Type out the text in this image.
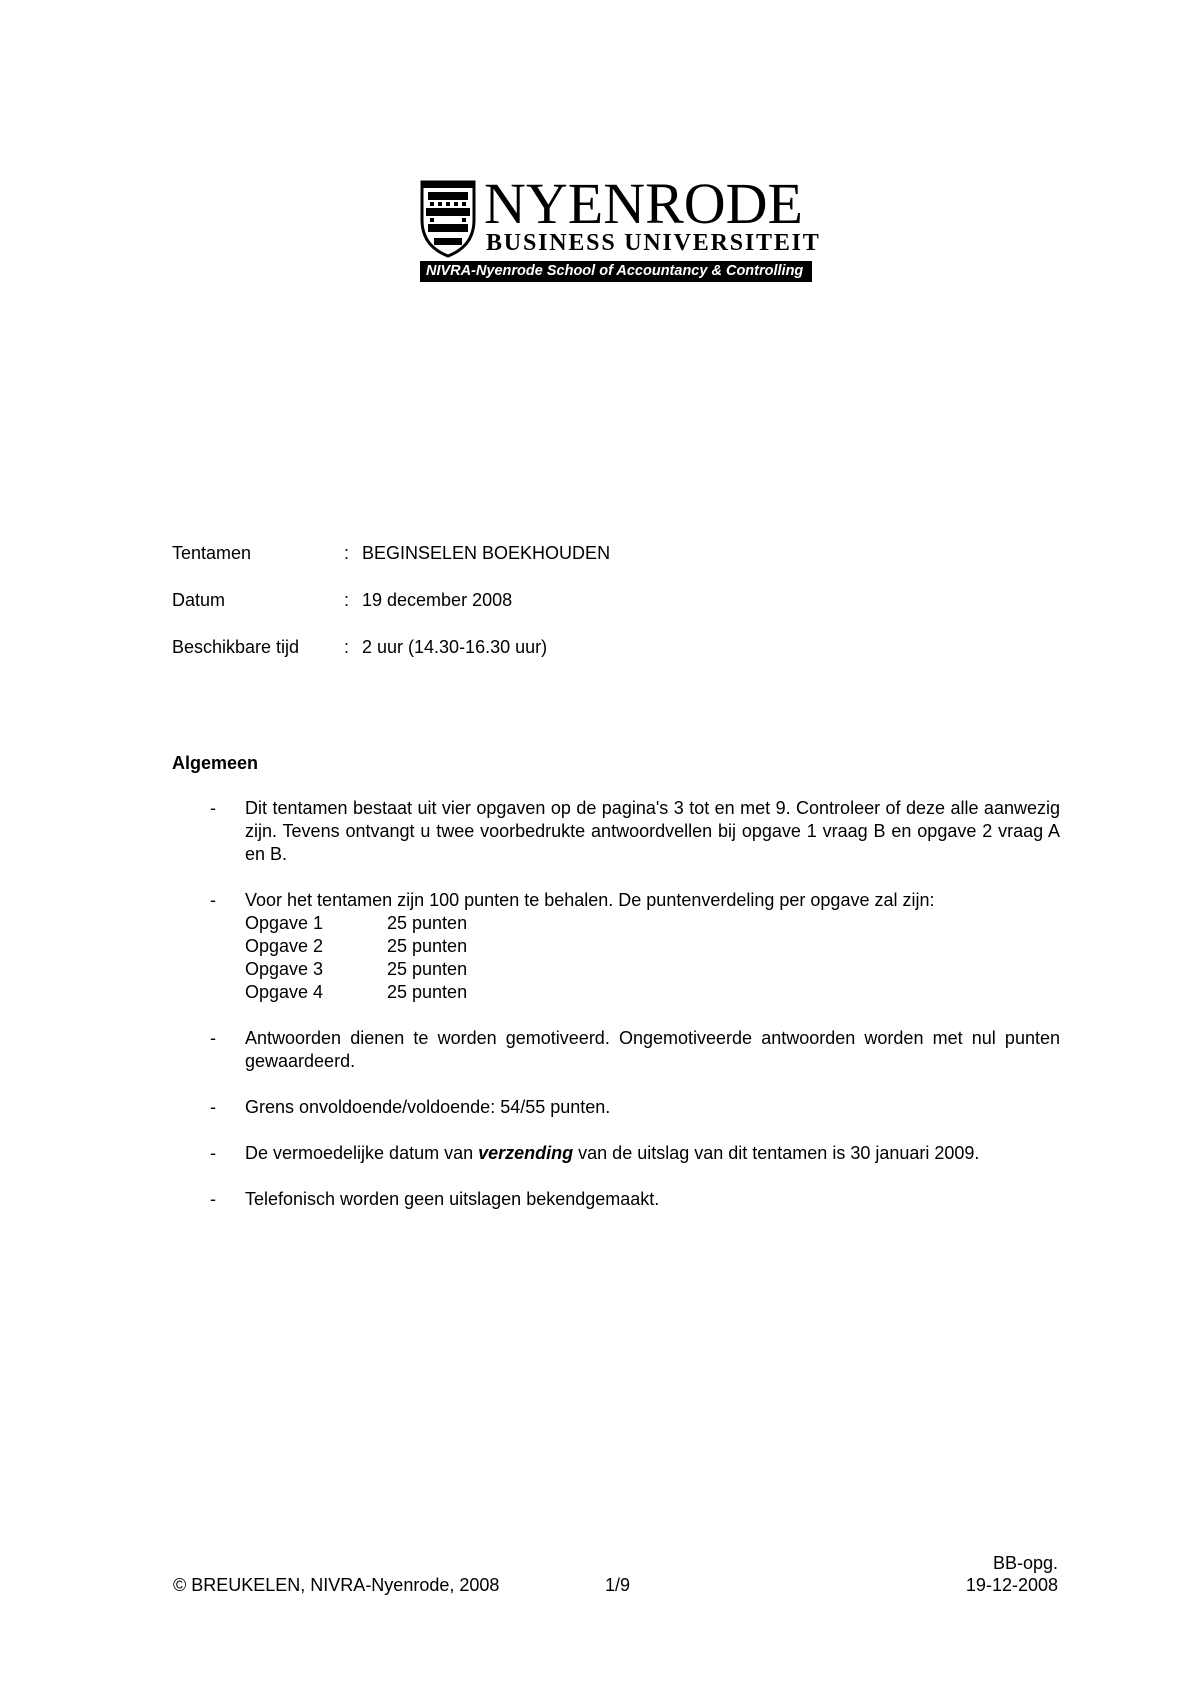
NYENRODE
BUSINESS UNIVERSITEIT
NIVRA-Nyenrode School of Accountancy & Controlling
Tentamen	: BEGINSELEN BOEKHOUDEN
Datum	: 19 december 2008
Beschikbare tijd : 2 uur (14.30-16.30 uur)
Algemeen
- Dit tentamen bestaat uit vier opgaven op de pagina's 3 tot en met 9. Controleer of deze alle aanwezig zijn. Tevens ontvangt u twee voorbedrukte antwoordvellen bij opgave 1 vraag B en opgave 2 vraag A en B.
- Voor het tentamen zijn 100 punten te behalen. De puntenverdeling per opgave zal zijn:
Opgave 1	25 punten
Opgave 2	25 punten
Opgave 3	25 punten
Opgave 4	25 punten
- Antwoorden dienen te worden gemotiveerd. Ongemotiveerde antwoorden worden met nul punten gewaardeerd.
- Grens onvoldoende/voldoende: 54/55 punten.
- De vermoedelijke datum van verzending van de uitslag van dit tentamen is 30 januari 2009.
- Telefonisch worden geen uitslagen bekendgemaakt.
© BREUKELEN, NIVRA-Nyenrode, 2008	1/9
BB-opg.
19-12-2008
